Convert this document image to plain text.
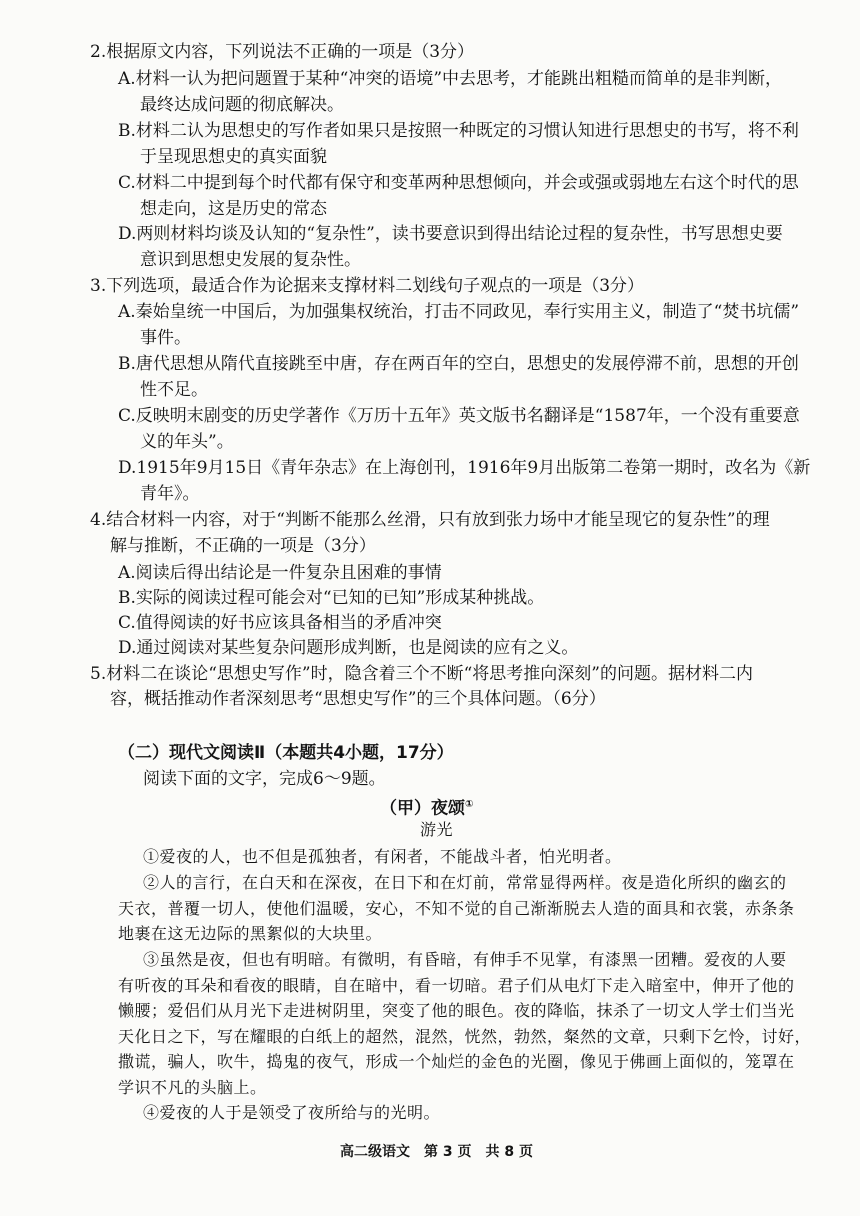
2.根据原文内容，下列说法不正确的一项是（3分）
A.材料一认为把问题置于某种“冲突的语境”中去思考，才能跳出粗糙而简单的是非判断，
最终达成问题的彻底解决。
B.材料二认为思想史的写作者如果只是按照一种既定的习惯认知进行思想史的书写，将不利
于呈现思想史的真实面貌
C.材料二中提到每个时代都有保守和变革两种思想倾向，并会或强或弱地左右这个时代的思
想走向，这是历史的常态
D.两则材料均谈及认知的“复杂性”，读书要意识到得出结论过程的复杂性，书写思想史要
意识到思想史发展的复杂性。
3.下列选项，最适合作为论据来支撑材料二划线句子观点的一项是（3分）
A.秦始皇统一中国后，为加强集权统治，打击不同政见，奉行实用主义，制造了“焚书坑儒”
事件。
B.唐代思想从隋代直接跳至中唐，存在两百年的空白，思想史的发展停滞不前，思想的开创
性不足。
C.反映明末剧变的历史学著作《万历十五年》英文版书名翻译是“1587年，一个没有重要意
义的年头”。
D.1915年9月15日《青年杂志》在上海创刊，1916年9月出版第二卷第一期时，改名为《新
青年》。
4.结合材料一内容，对于“判断不能那么丝滑，只有放到张力场中才能呈现它的复杂性”的理
解与推断，不正确的一项是（3分）
A.阅读后得出结论是一件复杂且困难的事情
B.实际的阅读过程可能会对“已知的已知”形成某种挑战。
C.值得阅读的好书应该具备相当的矛盾冲突
D.通过阅读对某些复杂问题形成判断，也是阅读的应有之义。
5.材料二在谈论“思想史写作”时，隐含着三个不断“将思考推向深刻”的问题。据材料二内
容，概括推动作者深刻思考“思想史写作”的三个具体问题。（6分）
（二）现代文阅读Ⅱ（本题共4小题，17分）
阅读下面的文字，完成6～9题。
（甲）夜颂①
游光
①爱夜的人，也不但是孤独者，有闲者，不能战斗者，怕光明者。
②人的言行，在白天和在深夜，在日下和在灯前，常常显得两样。夜是造化所织的幽玄的
天衣，普覆一切人，使他们温暖，安心，不知不觉的自己渐渐脱去人造的面具和衣裳，赤条条
地裹在这无边际的黑絮似的大块里。
③虽然是夜，但也有明暗。有微明，有昏暗，有伸手不见掌，有漆黑一团糟。爱夜的人要
有听夜的耳朵和看夜的眼睛，自在暗中，看一切暗。君子们从电灯下走入暗室中，伸开了他的
懒腰；爱侣们从月光下走进树阴里，突变了他的眼色。夜的降临，抹杀了一切文人学士们当光
天化日之下，写在耀眼的白纸上的超然，混然，恍然，勃然，粲然的文章，只剩下乞怜，讨好，
撒谎，骗人，吹牛，捣鬼的夜气，形成一个灿烂的金色的光圈，像见于佛画上面似的，笼罩在
学识不凡的头脑上。
④爱夜的人于是领受了夜所给与的光明。
高二级语文　第 3 页　共 8 页
